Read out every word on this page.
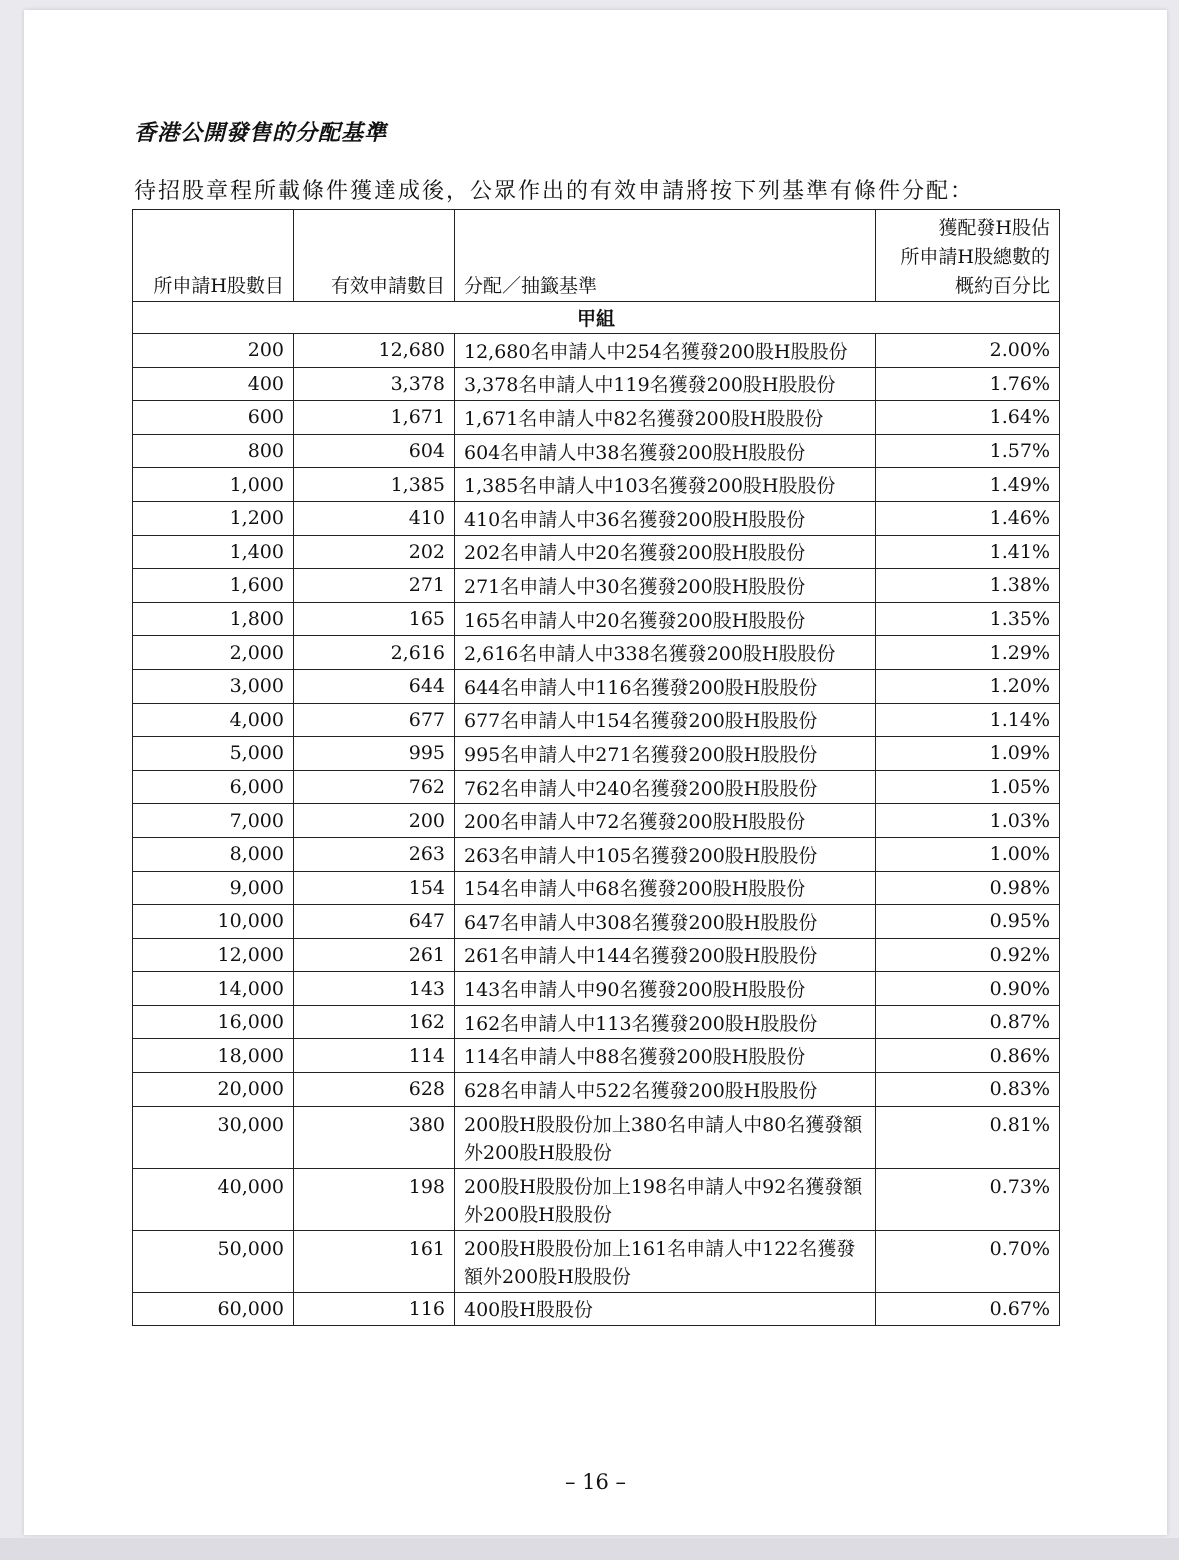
香港公開發售的分配基準
待招股章程所載條件獲達成後，公眾作出的有效申請將按下列基準有條件分配：
所申請H股數目	有效申請數目	分配／抽籤基準	獲配發H股佔
所申請H股總數的
概約百分比

甲組			
200	12,680	12,680名申請人中254名獲發200股H股股份	2.00%
400	3,378	3,378名申請人中119名獲發200股H股股份	1.76%
600	1,671	1,671名申請人中82名獲發200股H股股份	1.64%
800	604	604名申請人中38名獲發200股H股股份	1.57%
1,000	1,385	1,385名申請人中103名獲發200股H股股份	1.49%
1,200	410	410名申請人中36名獲發200股H股股份	1.46%
1,400	202	202名申請人中20名獲發200股H股股份	1.41%
1,600	271	271名申請人中30名獲發200股H股股份	1.38%
1,800	165	165名申請人中20名獲發200股H股股份	1.35%
2,000	2,616	2,616名申請人中338名獲發200股H股股份	1.29%
3,000	644	644名申請人中116名獲發200股H股股份	1.20%
4,000	677	677名申請人中154名獲發200股H股股份	1.14%
5,000	995	995名申請人中271名獲發200股H股股份	1.09%
6,000	762	762名申請人中240名獲發200股H股股份	1.05%
7,000	200	200名申請人中72名獲發200股H股股份	1.03%
8,000	263	263名申請人中105名獲發200股H股股份	1.00%
9,000	154	154名申請人中68名獲發200股H股股份	0.98%
10,000	647	647名申請人中308名獲發200股H股股份	0.95%
12,000	261	261名申請人中144名獲發200股H股股份	0.92%
14,000	143	143名申請人中90名獲發200股H股股份	0.90%
16,000	162	162名申請人中113名獲發200股H股股份	0.87%
18,000	114	114名申請人中88名獲發200股H股股份	0.86%
20,000	628	628名申請人中522名獲發200股H股股份	0.83%
30,000	380	200股H股股份加上380名申請人中80名獲發額外200股H股股份	0.81%
40,000	198	200股H股股份加上198名申請人中92名獲發額外200股H股股份	0.73%
50,000	161	200股H股股份加上161名申請人中122名獲發額外200股H股股份	0.70%
60,000	116	400股H股股份	0.67%
– 16 –
